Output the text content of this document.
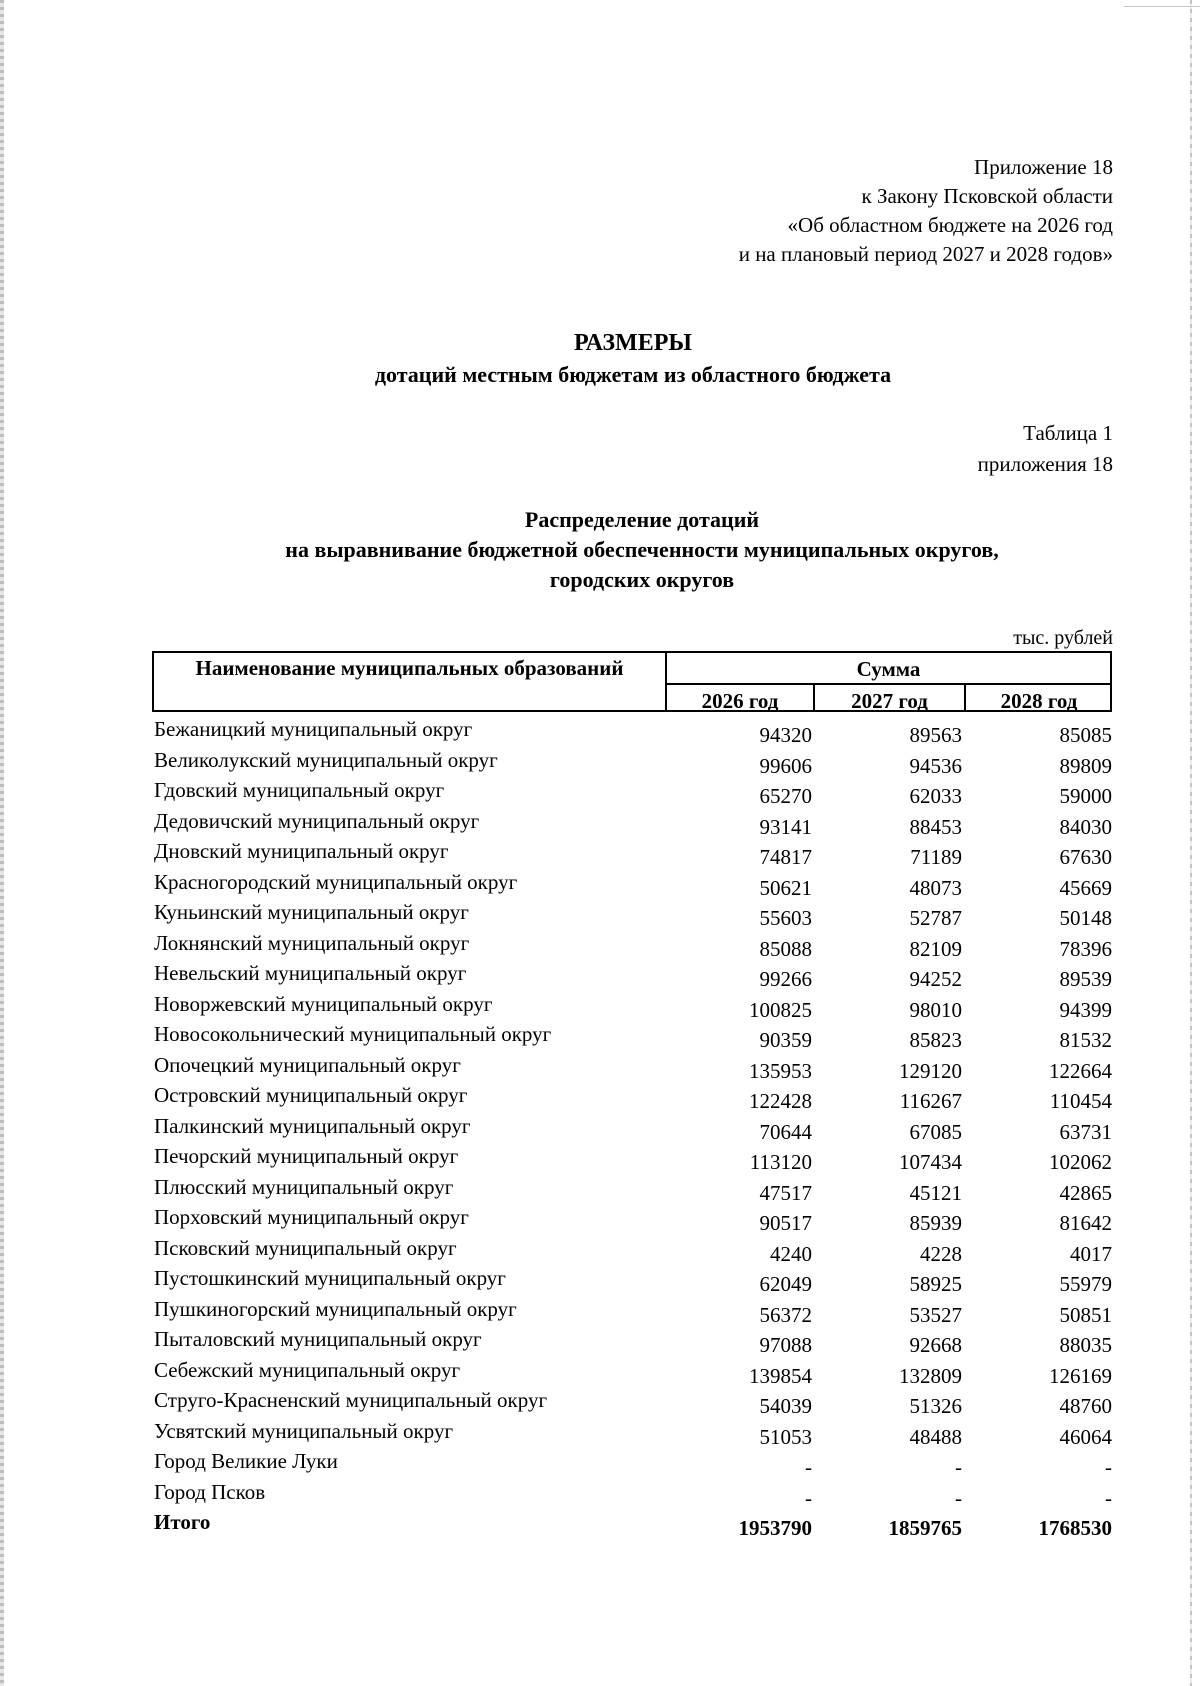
Приложение 18
к Закону Псковской области
«Об областном бюджете на 2026 год
и на плановый период 2027 и 2028 годов»
РАЗМЕРЫ
дотаций местным бюджетам из областного бюджета
Таблица 1
приложения 18
Распределение дотаций
на выравнивание бюджетной обеспеченности муниципальных округов,
городских округов
тыс. рублей
Наименование муниципальных образований	Сумма
2026 год	2027 год	2028 год
Бежаницкий муниципальный округ	94320	89563	85085
Великолукский муниципальный округ	99606	94536	89809
Гдовский муниципальный округ	65270	62033	59000
Дедовичский муниципальный округ	93141	88453	84030
Дновский муниципальный округ	74817	71189	67630
Красногородский муниципальный округ	50621	48073	45669
Куньинский муниципальный округ	55603	52787	50148
Локнянский муниципальный округ	85088	82109	78396
Невельский муниципальный округ	99266	94252	89539
Новоржевский муниципальный округ	100825	98010	94399
Новосокольнический муниципальный округ	90359	85823	81532
Опочецкий муниципальный округ	135953	129120	122664
Островский муниципальный округ	122428	116267	110454
Палкинский муниципальный округ	70644	67085	63731
Печорский муниципальный округ	113120	107434	102062
Плюсский муниципальный округ	47517	45121	42865
Порховский муниципальный округ	90517	85939	81642
Псковский муниципальный округ	4240	4228	4017
Пустошкинский муниципальный округ	62049	58925	55979
Пушкиногорский муниципальный округ	56372	53527	50851
Пыталовский муниципальный округ	97088	92668	88035
Себежский муниципальный округ	139854	132809	126169
Струго-Красненский муниципальный округ	54039	51326	48760
Усвятский муниципальный округ	51053	48488	46064
Город Великие Луки	-	-	-
Город Псков	-	-	-
Итого	1953790	1859765	1768530
